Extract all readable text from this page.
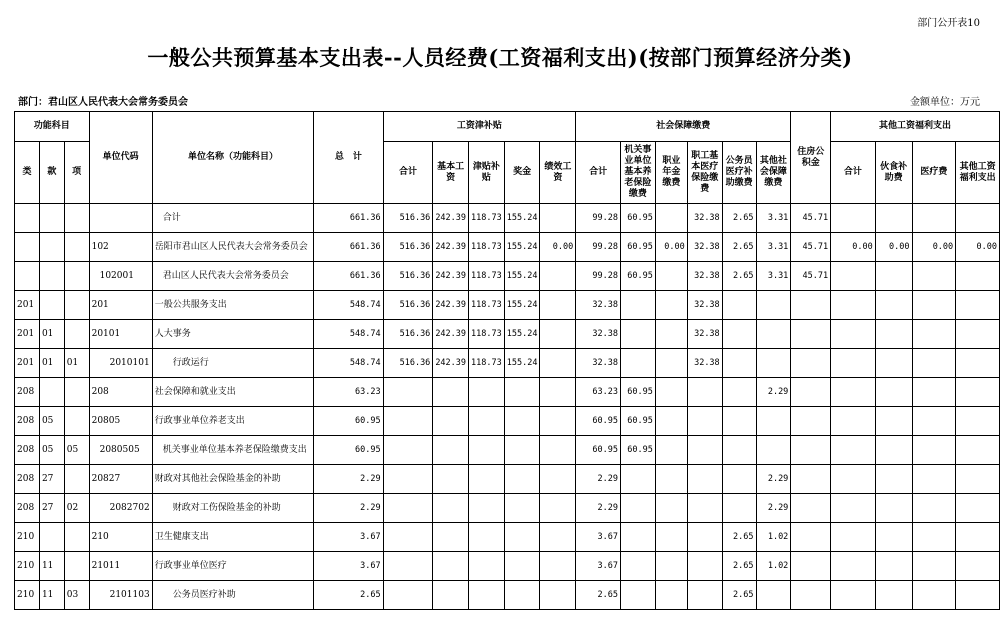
部门公开表10
一般公共预算基本支出表--人员经费(工资福利支出)(按部门预算经济分类)
部门：君山区人民代表大会常务委员会	金额单位：万元
功能科目			单位代码	单位名称（功能科目）	总　计	工资津补贴					社会保障缴费						住房公积金	其他工资福利支出			
类	款	项				合计	基本工资	津贴补贴	奖金	绩效工资	合计	机关事业单位基本养老保险缴费	职业年金缴费	职工基本医疗保险缴费	公务员医疗补助缴费	其他社会保障缴费		合计	伙食补助费	医疗费	其他工资福利支出
				合计	661.36	516.36	242.39	118.73	155.24		99.28	60.95		32.38	2.65	3.31	45.71				
			102	岳阳市君山区人民代表大会常务委员会	661.36	516.36	242.39	118.73	155.24	0.00	99.28	60.95	0.00	32.38	2.65	3.31	45.71	0.00	0.00	0.00	0.00
			102001	君山区人民代表大会常务委员会	661.36	516.36	242.39	118.73	155.24		99.28	60.95		32.38	2.65	3.31	45.71				
201			201	一般公共服务支出	548.74	516.36	242.39	118.73	155.24		32.38			32.38							
201	01		20101	人大事务	548.74	516.36	242.39	118.73	155.24		32.38			32.38							
201	01	01	2010101	行政运行	548.74	516.36	242.39	118.73	155.24		32.38			32.38							
208			208	社会保障和就业支出	63.23						63.23	60.95				2.29					
208	05		20805	行政事业单位养老支出	60.95						60.95	60.95									
208	05	05	2080505	机关事业单位基本养老保险缴费支出	60.95						60.95	60.95									
208	27		20827	财政对其他社会保险基金的补助	2.29						2.29					2.29					
208	27	02	2082702	财政对工伤保险基金的补助	2.29						2.29					2.29					
210			210	卫生健康支出	3.67						3.67				2.65	1.02					
210	11		21011	行政事业单位医疗	3.67						3.67				2.65	1.02					
210	11	03	2101103	公务员医疗补助	2.65						2.65				2.65						
